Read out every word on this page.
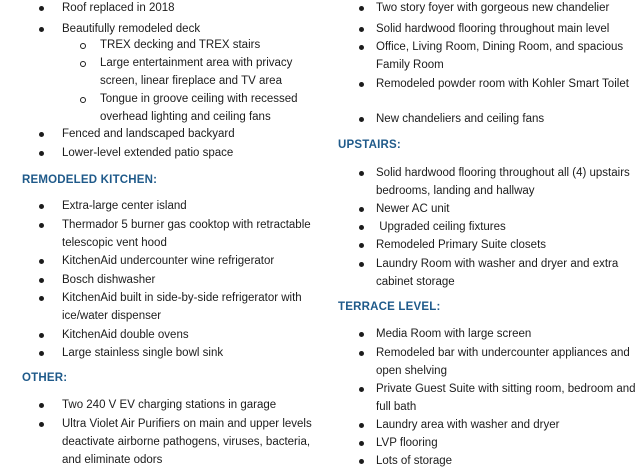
Roof replaced in 2018

Beautifully remodeled deck

TREX decking and TREX stairs

Large entertainment area with privacy screen, linear fireplace and TV area

Tongue in groove ceiling with recessed overhead lighting and ceiling fans

Fenced and landscaped backyard

Lower-level extended patio space

REMODELED KITCHEN:

Extra-large center island

Thermador 5 burner gas cooktop with retractable telescopic vent hood

KitchenAid undercounter wine refrigerator

Bosch dishwasher

KitchenAid built in side-by-side refrigerator with ice/water dispenser

KitchenAid double ovens

Large stainless single bowl sink

OTHER:

Two 240 V EV charging stations in garage

Ultra Violet Air Purifiers on main and upper levels deactivate airborne pathogens, viruses, bacteria, and eliminate odors

Two story foyer with gorgeous new chandelier

Solid hardwood flooring throughout main level

Office, Living Room, Dining Room, and spacious Family Room

Remodeled powder room with Kohler Smart Toilet

New chandeliers and ceiling fans

UPSTAIRS:

Solid hardwood flooring throughout all (4) upstairs bedrooms, landing and hallway

Newer AC unit

Upgraded ceiling fixtures

Remodeled Primary Suite closets

Laundry Room with washer and dryer and extra cabinet storage

TERRACE LEVEL:

Media Room with large screen

Remodeled bar with undercounter appliances and open shelving

Private Guest Suite with sitting room, bedroom and full bath

Laundry area with washer and dryer

LVP flooring

Lots of storage
